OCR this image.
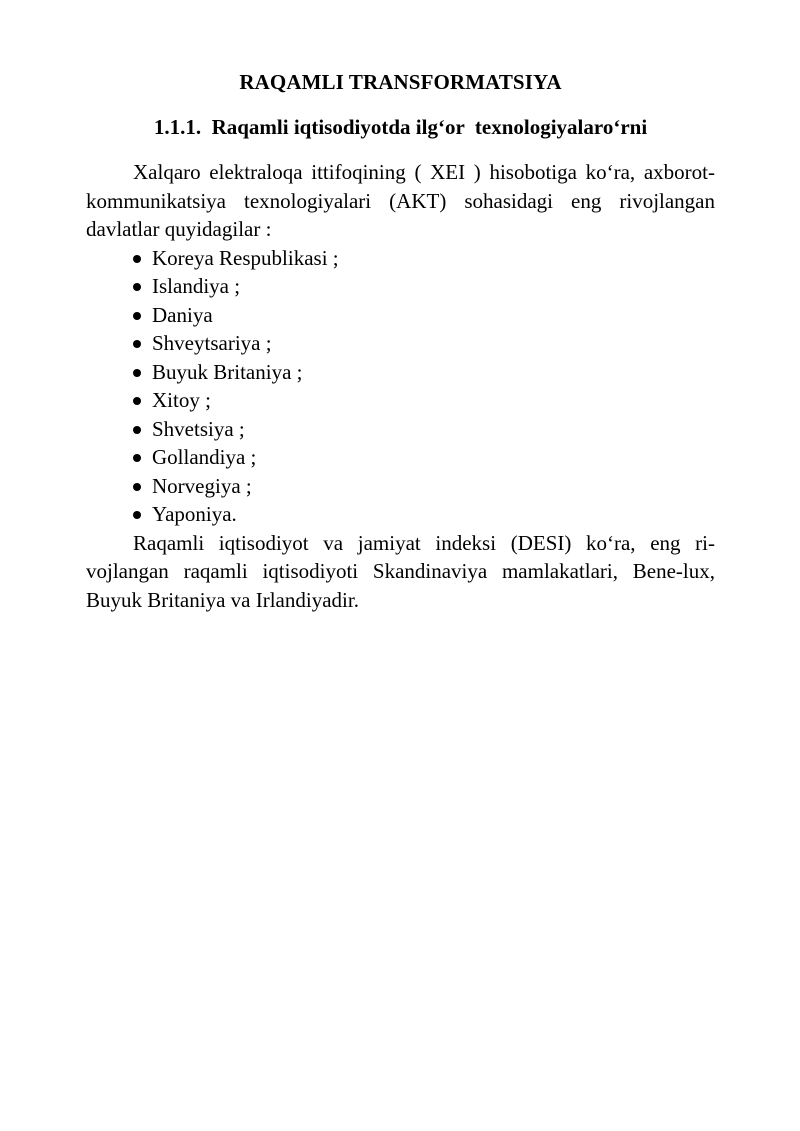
RAQAMLI TRANSFORMATSIYA
1.1.1.  Raqamli iqtisodiyotda ilg‘or  texnologiyalaro‘rni

Xalqaro elektraloqa ittifoqining ( XEI ) hisobotiga ko‘ra, axborot-kommunikatsiya texnologiyalari (AKT) sohasidagi eng rivojlangan davlatlar quyidagilar :

Koreya Respublikasi ;
Islandiya ;
Daniya
Shveytsariya ;
Buyuk Britaniya ;
Xitoy ;
Shvetsiya ;
Gollandiya ;
Norvegiya ;
Yaponiya.

Raqamli iqtisodiyot va jamiyat indeksi (DESI) ko‘ra, eng ri-vojlangan raqamli iqtisodiyoti Skandinaviya mamlakatlari, Bene-lux, Buyuk Britaniya va Irlandiyadir.
